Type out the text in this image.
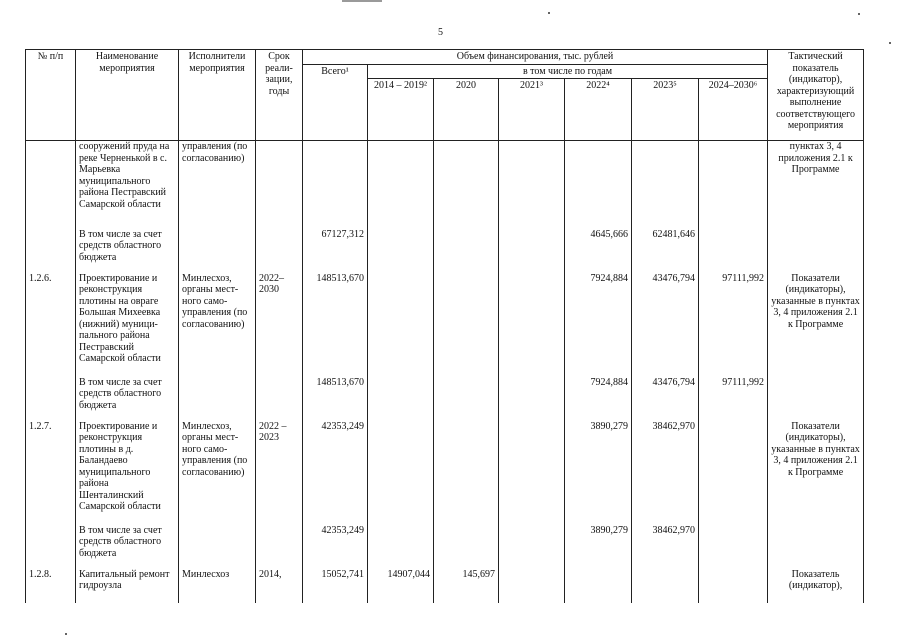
5
№ п/п	Наименование мероприятия	Исполнители мероприятия	Срок реали-зации, годы	Объем финансирования, тыс. рублей							Тактический показатель (индикатор), характеризующий выполнение соответствующего мероприятия
				Всего¹	в том числе по годам						
					2014 – 2019²	2020	2021³	2022⁴	2023⁵	2024–2030⁶	
	сооружений пруда на реке Черненькой в с. Марьевка муниципального района Пестравский Самарской области	управления (по согласованию)									пунктах 3, 4 приложения 2.1 к Программе
	В том числе за счет средств областного бюджета			67127,312				4645,666	62481,646		
1.2.6.	Проектирование и реконструкция плотины на овраге Большая Михеевка (нижний) муници-пального района Пестравский Самарской области	Минлесхоз, органы мест-ного само-управления (по согласованию)	2022–2030	148513,670				7924,884	43476,794	97111,992	Показатели (индикаторы), указанные в пунктах 3, 4 приложения 2.1 к Программе
	В том числе за счет средств областного бюджета			148513,670				7924,884	43476,794	97111,992	
1.2.7.	Проектирование и реконструкция плотины в д. Баландаево муниципального района Шенталинский Самарской области	Минлесхоз, органы мест-ного само-управления (по согласованию)	2022 – 2023	42353,249				3890,279	38462,970		Показатели (индикаторы), указанные в пунктах 3, 4 приложения 2.1 к Программе
	В том числе за счет средств областного бюджета			42353,249				3890,279	38462,970		
1.2.8.	Капитальный ремонт гидроузла	Минлесхоз	2014,	15052,741	14907,044	145,697					Показатель (индикатор),
